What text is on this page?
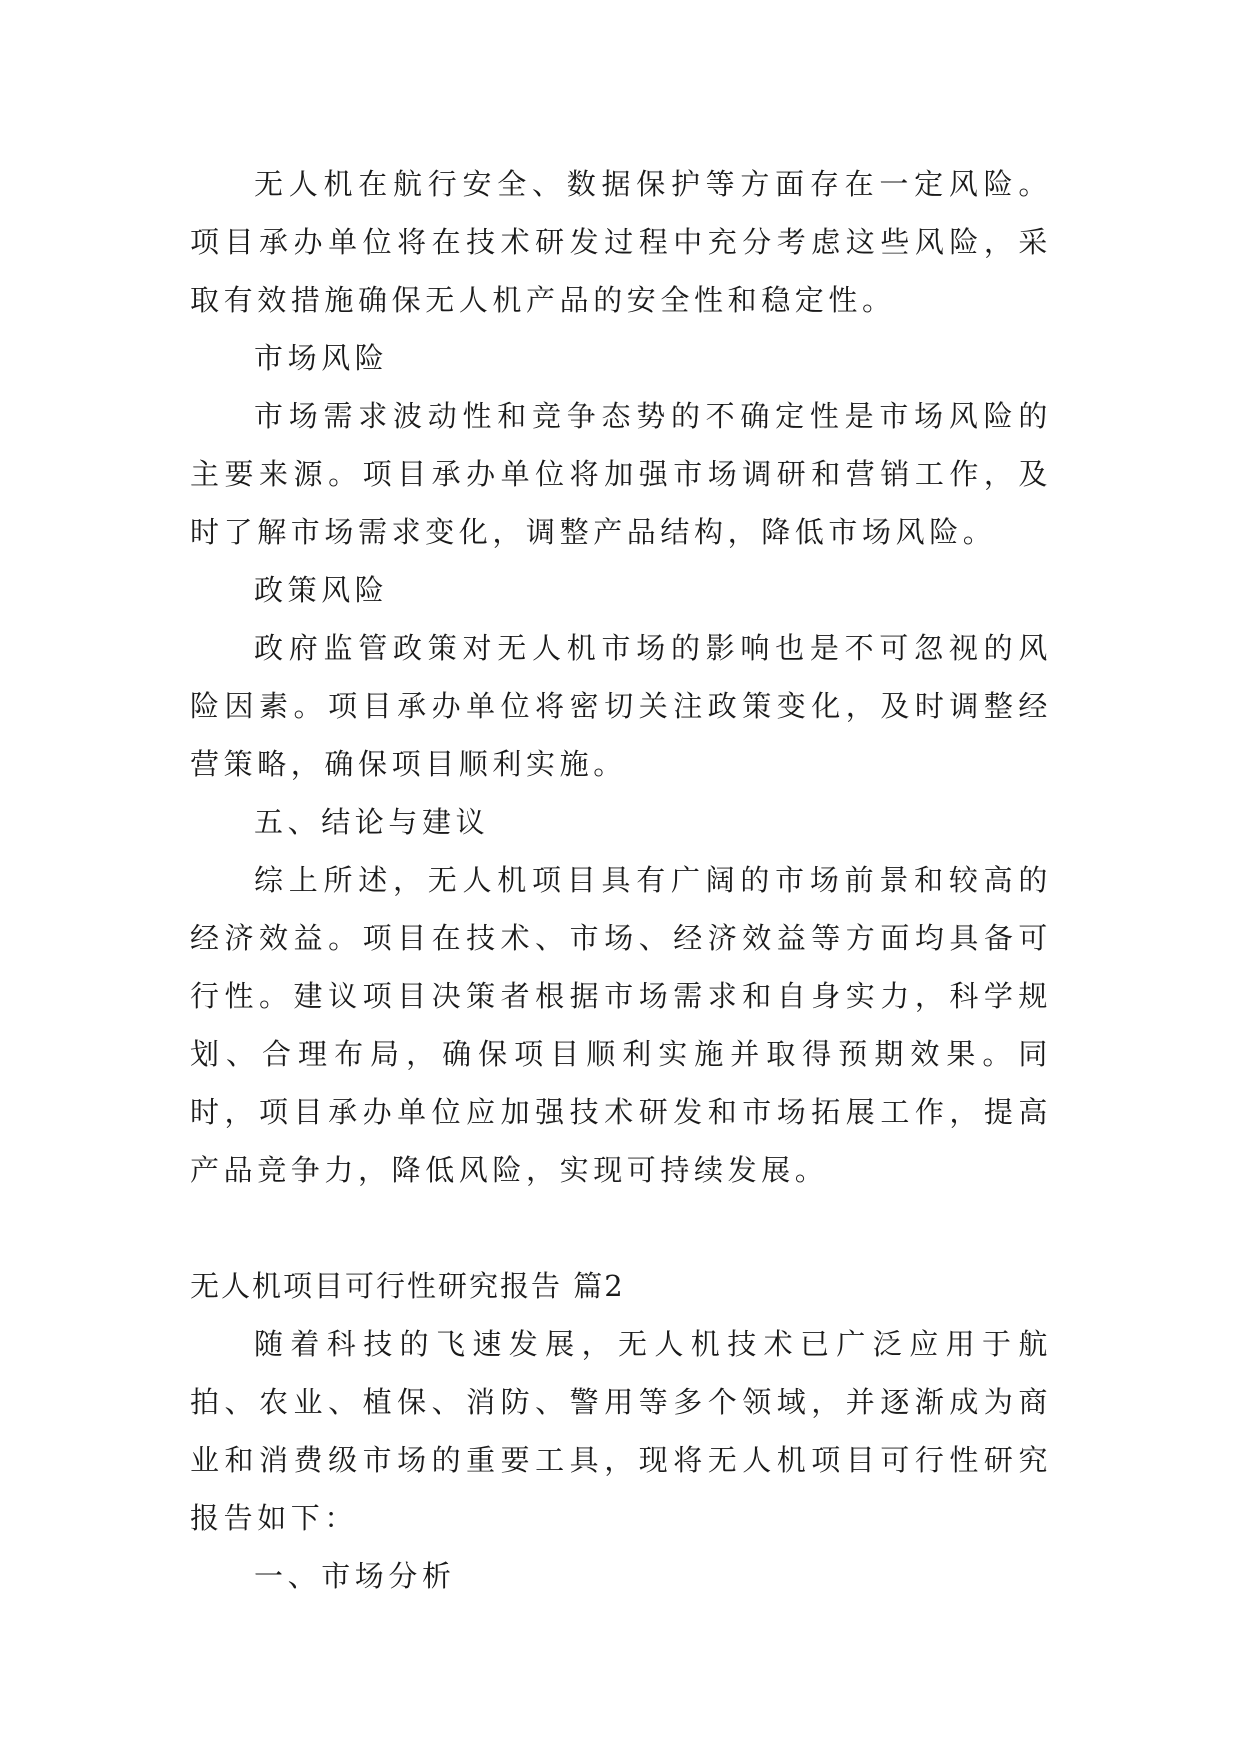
无人机在航行安全、数据保护等方面存在一定风险。项目承办单位将在技术研发过程中充分考虑这些风险，采取有效措施确保无人机产品的安全性和稳定性。

市场风险

市场需求波动性和竞争态势的不确定性是市场风险的主要来源。项目承办单位将加强市场调研和营销工作，及时了解市场需求变化，调整产品结构，降低市场风险。

政策风险

政府监管政策对无人机市场的影响也是不可忽视的风险因素。项目承办单位将密切关注政策变化，及时调整经营策略，确保项目顺利实施。

五、结论与建议

综上所述，无人机项目具有广阔的市场前景和较高的经济效益。项目在技术、市场、经济效益等方面均具备可行性。建议项目决策者根据市场需求和自身实力，科学规划、合理布局，确保项目顺利实施并取得预期效果。同时，项目承办单位应加强技术研发和市场拓展工作，提高产品竞争力，降低风险，实现可持续发展。

无人机项目可行性研究报告 篇2

随着科技的飞速发展，无人机技术已广泛应用于航拍、农业、植保、消防、警用等多个领域，并逐渐成为商业和消费级市场的重要工具，现将无人机项目可行性研究报告如下：

一、市场分析
